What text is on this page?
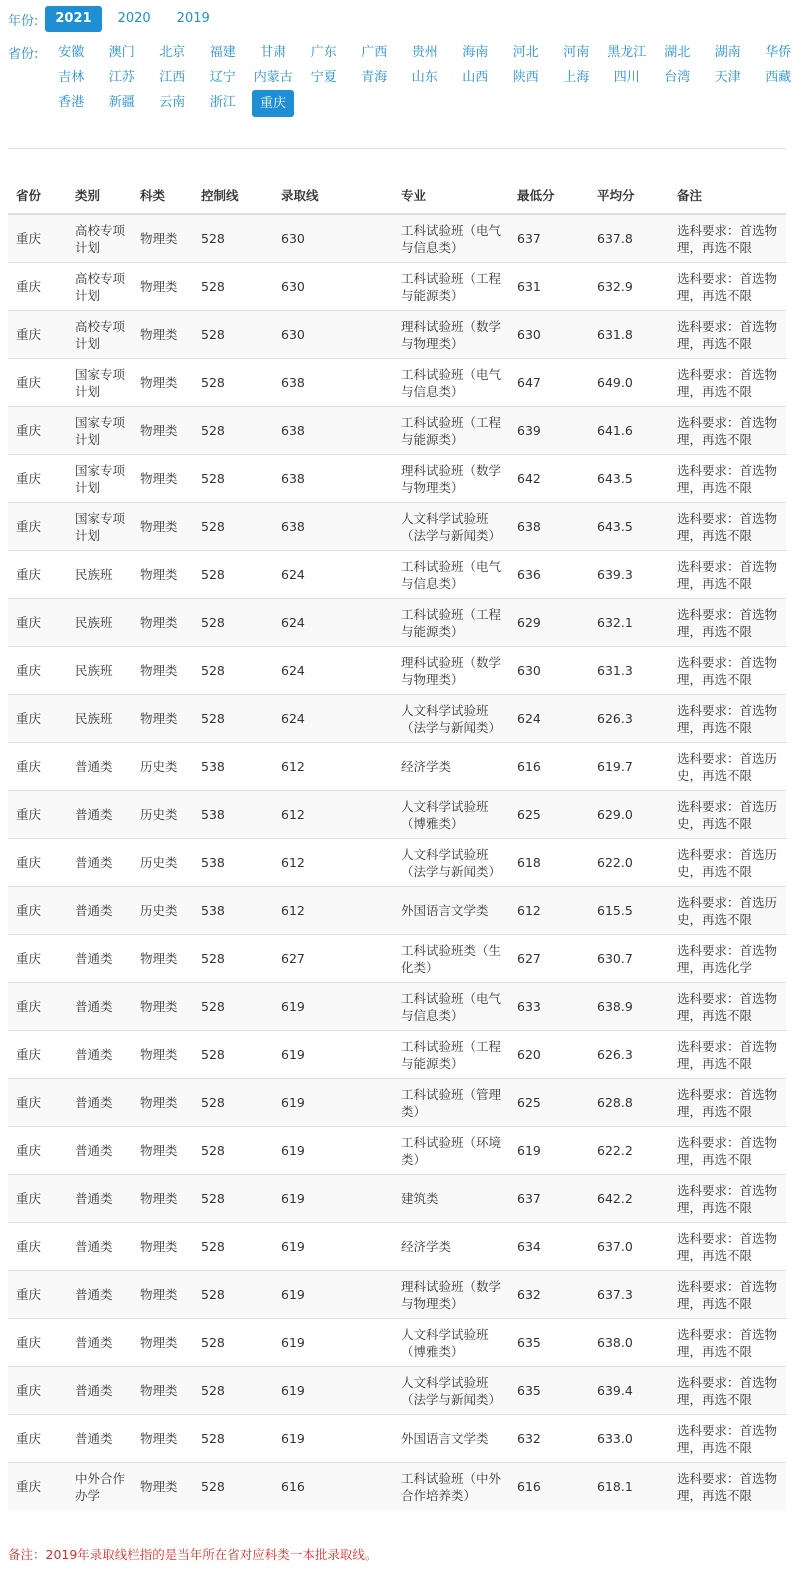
年份:	2021	2020	2019
省份:	安徽	澳门	北京	福建	甘肃	广东	广西	贵州	海南	河北	河南	黑龙江	湖北	湖南	华侨
吉林	江苏	江西	辽宁	内蒙古	宁夏	青海	山东	山西	陕西	上海	四川	台湾	天津	西藏
香港	新疆	云南	浙江	重庆
省份	类别	科类	控制线	录取线	专业	最低分	平均分	备注
重庆	高校专项计划	物理类	528	630	工科试验班（电气与信息类）	637	637.8	选科要求：首选物理，再选不限
重庆	高校专项计划	物理类	528	630	工科试验班（工程与能源类）	631	632.9	选科要求：首选物理，再选不限
重庆	高校专项计划	物理类	528	630	理科试验班（数学与物理类）	630	631.8	选科要求：首选物理，再选不限
重庆	国家专项计划	物理类	528	638	工科试验班（电气与信息类）	647	649.0	选科要求：首选物理，再选不限
重庆	国家专项计划	物理类	528	638	工科试验班（工程与能源类）	639	641.6	选科要求：首选物理，再选不限
重庆	国家专项计划	物理类	528	638	理科试验班（数学与物理类）	642	643.5	选科要求：首选物理，再选不限
重庆	国家专项计划	物理类	528	638	人文科学试验班（法学与新闻类）	638	643.5	选科要求：首选物理，再选不限
重庆	民族班	物理类	528	624	工科试验班（电气与信息类）	636	639.3	选科要求：首选物理，再选不限
重庆	民族班	物理类	528	624	工科试验班（工程与能源类）	629	632.1	选科要求：首选物理，再选不限
重庆	民族班	物理类	528	624	理科试验班（数学与物理类）	630	631.3	选科要求：首选物理，再选不限
重庆	民族班	物理类	528	624	人文科学试验班（法学与新闻类）	624	626.3	选科要求：首选物理，再选不限
重庆	普通类	历史类	538	612	经济学类	616	619.7	选科要求：首选历史，再选不限
重庆	普通类	历史类	538	612	人文科学试验班（博雅类）	625	629.0	选科要求：首选历史，再选不限
重庆	普通类	历史类	538	612	人文科学试验班（法学与新闻类）	618	622.0	选科要求：首选历史，再选不限
重庆	普通类	历史类	538	612	外国语言文学类	612	615.5	选科要求：首选历史，再选不限
重庆	普通类	物理类	528	627	工科试验班类（生化类）	627	630.7	选科要求：首选物理，再选化学
重庆	普通类	物理类	528	619	工科试验班（电气与信息类）	633	638.9	选科要求：首选物理，再选不限
重庆	普通类	物理类	528	619	工科试验班（工程与能源类）	620	626.3	选科要求：首选物理，再选不限
重庆	普通类	物理类	528	619	工科试验班（管理类）	625	628.8	选科要求：首选物理，再选不限
重庆	普通类	物理类	528	619	工科试验班（环境类）	619	622.2	选科要求：首选物理，再选不限
重庆	普通类	物理类	528	619	建筑类	637	642.2	选科要求：首选物理，再选不限
重庆	普通类	物理类	528	619	经济学类	634	637.0	选科要求：首选物理，再选不限
重庆	普通类	物理类	528	619	理科试验班（数学与物理类）	632	637.3	选科要求：首选物理，再选不限
重庆	普通类	物理类	528	619	人文科学试验班（博雅类）	635	638.0	选科要求：首选物理，再选不限
重庆	普通类	物理类	528	619	人文科学试验班（法学与新闻类）	635	639.4	选科要求：首选物理，再选不限
重庆	普通类	物理类	528	619	外国语言文学类	632	633.0	选科要求：首选物理，再选不限
重庆	中外合作办学	物理类	528	616	工科试验班（中外合作培养类）	616	618.1	选科要求：首选物理，再选不限
备注：2019年录取线栏指的是当年所在省对应科类一本批录取线。
